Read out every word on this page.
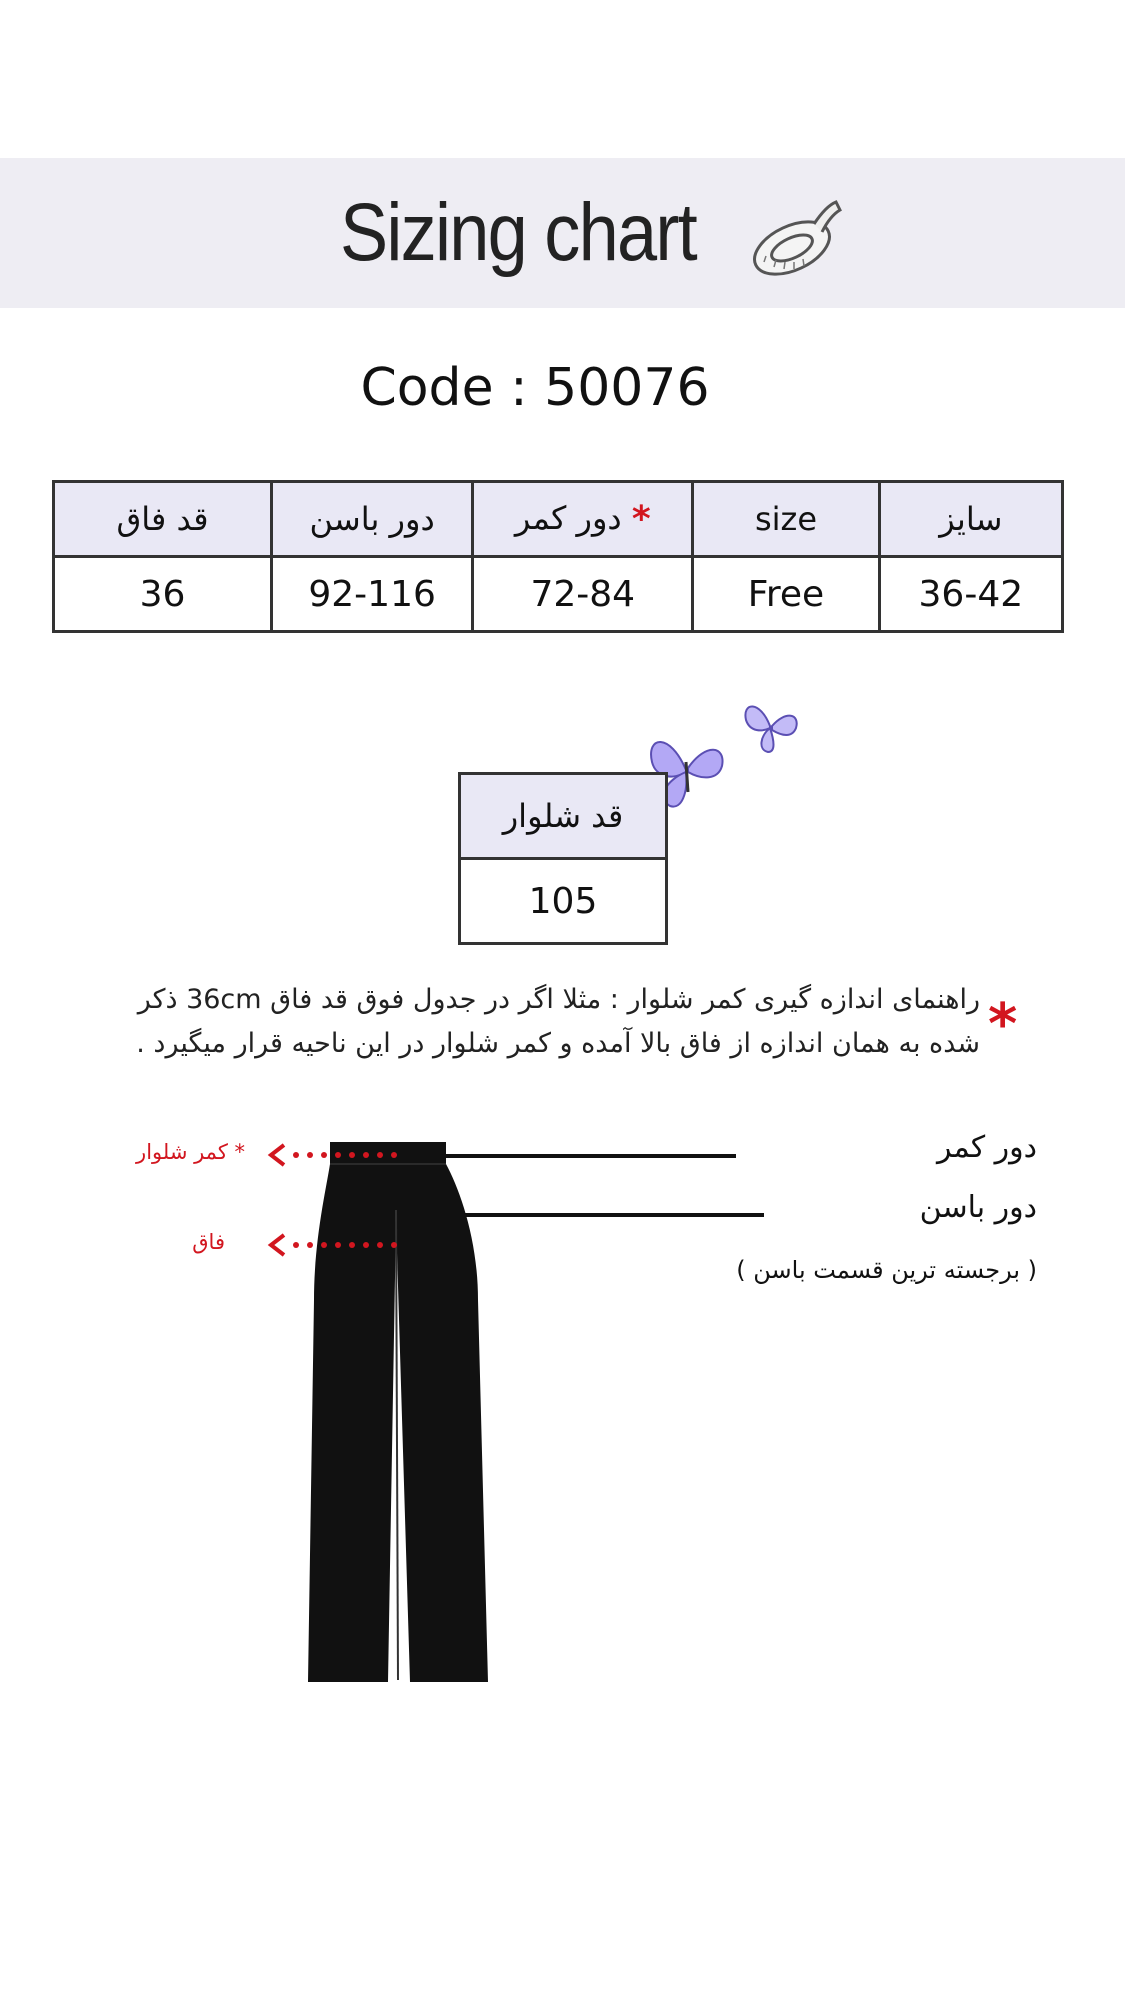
Sizing chart
Code : 50076
قد فاق	دور باسن	دور کمر *	size	سایز
36	92-116	72-84	Free	36-42
قد شلوار
105
راهنمای اندازه گیری کمر شلوار : مثلا اگر در جدول فوق قد فاق 36cm ذکر
شده به همان اندازه از فاق بالا آمده و کمر شلوار در این ناحیه قرار میگیرد . *
* کمر شلوار
فاق
دور کمر
دور باسن
( برجسته ترین قسمت باسن )
